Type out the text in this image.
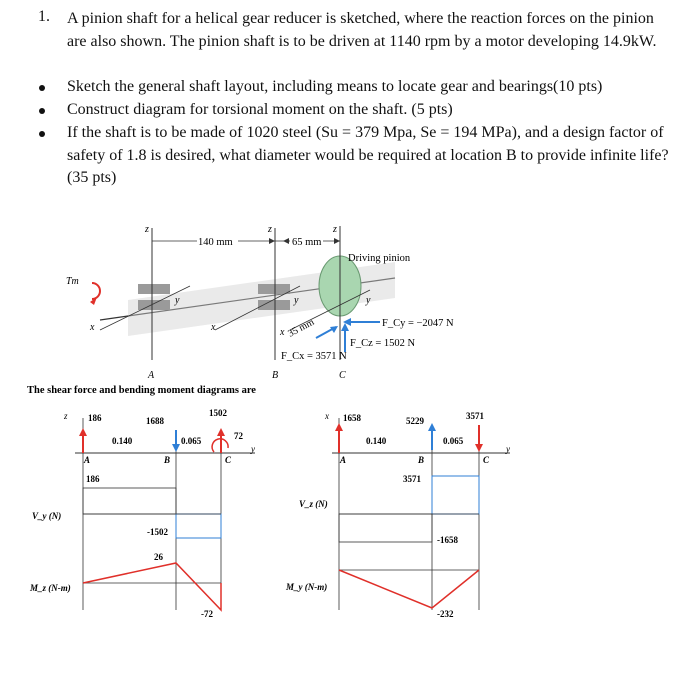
1. A pinion shaft for a helical gear reducer is sketched, where the reaction forces on the pinion are also shown. The pinion shaft is to be driven at 1140 rpm by a motor developing 14.9kW.
Sketch the general shaft layout, including means to locate gear and bearings(10 pts)
Construct diagram for torsional moment on the shaft. (5 pts)
If the shaft is to be made of 1020 steel (Su = 379 Mpa, Se = 194 MPa), and a design factor of safety of 1.8 is desired, what diameter would be required at location B to provide infinite life? (35 pts)
z	z	z
140 mm	65 mm
Driving pinion
Tm
y	y	y
x	x	x 35 mm	F_Cy = −2047 N
F_Cz = 1502 N
F_Cx = 3571 N
A	B	C
The shear force and bending moment diagrams are
z 186	1688
1502
72
y
0.140	0.065
A	B	C
186
V_y (N)
-1502
26
M_z (N-m)
-72
x 1658	5229	3571
y
0.140	0.065
A	B	C
3571
V_z (N)
-1658
M_y (N-m)
-232
